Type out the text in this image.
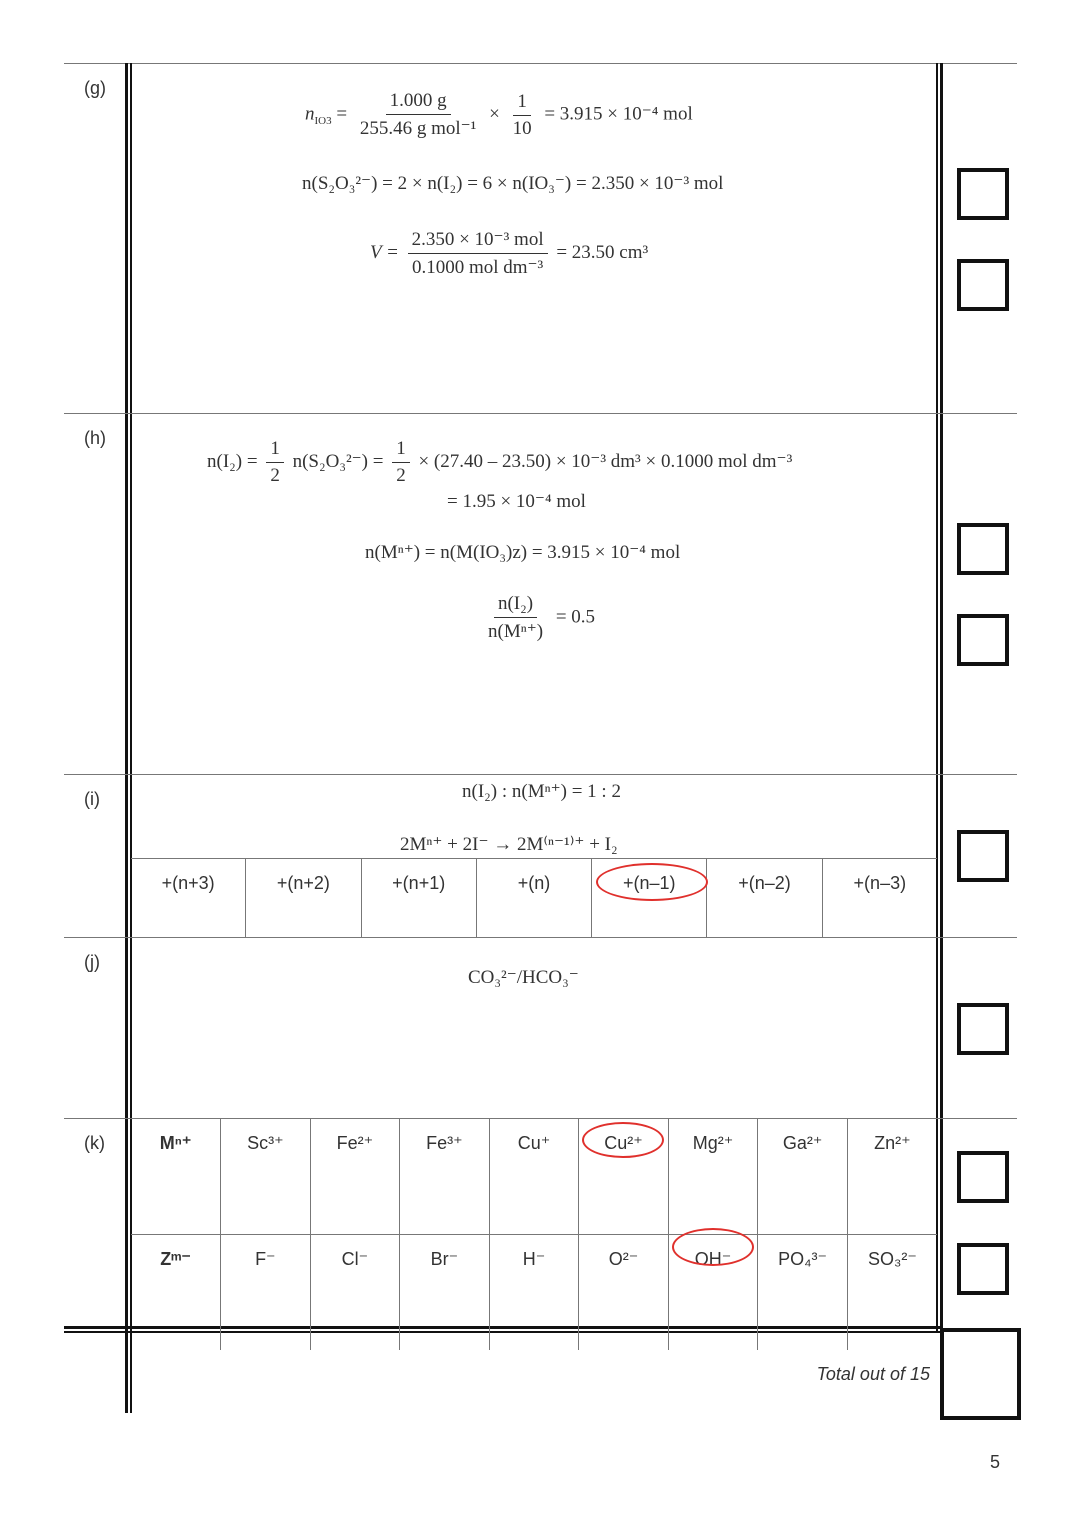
(g)
$n_{IO3} = \frac{1.000 g}{\text{255.46 g mol⁻¹}} \times \frac{1}{10} = 3.915 \times 10^{-4}$ mol
n(S₂O₃²⁻) = 2 × n(I₂) = 6 × n(IO₃⁻) = 2.350 × 10⁻³ mol
$V = \frac{\text{2.350 × 10⁻³ mol}}{\text{0.1000 mol dm⁻³}} = 23.50$ cm³
(h)
$n(I_2) = \frac{1}{2} n(S_2O_3^{2-}) = \frac{1}{2} \times (27.40 - 23.50) \times 10^{-3}$ dm³ × 0.1000 mol dm⁻³
= 1.95 × 10⁻⁴ mol
n(Mⁿ⁺) = n(M(IO₃)z) = 3.915 × 10⁻⁴ mol
$\frac{\text{n(I₂)}}{\text{n(Mⁿ⁺)}} = 0.5$
(i)	n(I₂) : n(Mⁿ⁺) = 1 : 2
2Mⁿ⁺ + 2I⁻ → 2M⁽ⁿ⁻¹⁾⁺ + I₂
+(n+3)	+(n+2)	+(n+1)	+(n)	+(n–1)	+(n–2)	+(n–3)
(j)
CO₃²⁻/HCO₃⁻
(k)	Mⁿ⁺	Sc³⁺	Fe²⁺	Fe³⁺	Cu⁺	Cu²⁺	Mg²⁺	Ga²⁺	Zn²⁺
Zᵐ⁻	F⁻	Cl⁻	Br⁻	H⁻	O²⁻	OH⁻	PO₄³⁻	SO₃²⁻
Total out of 15
5
